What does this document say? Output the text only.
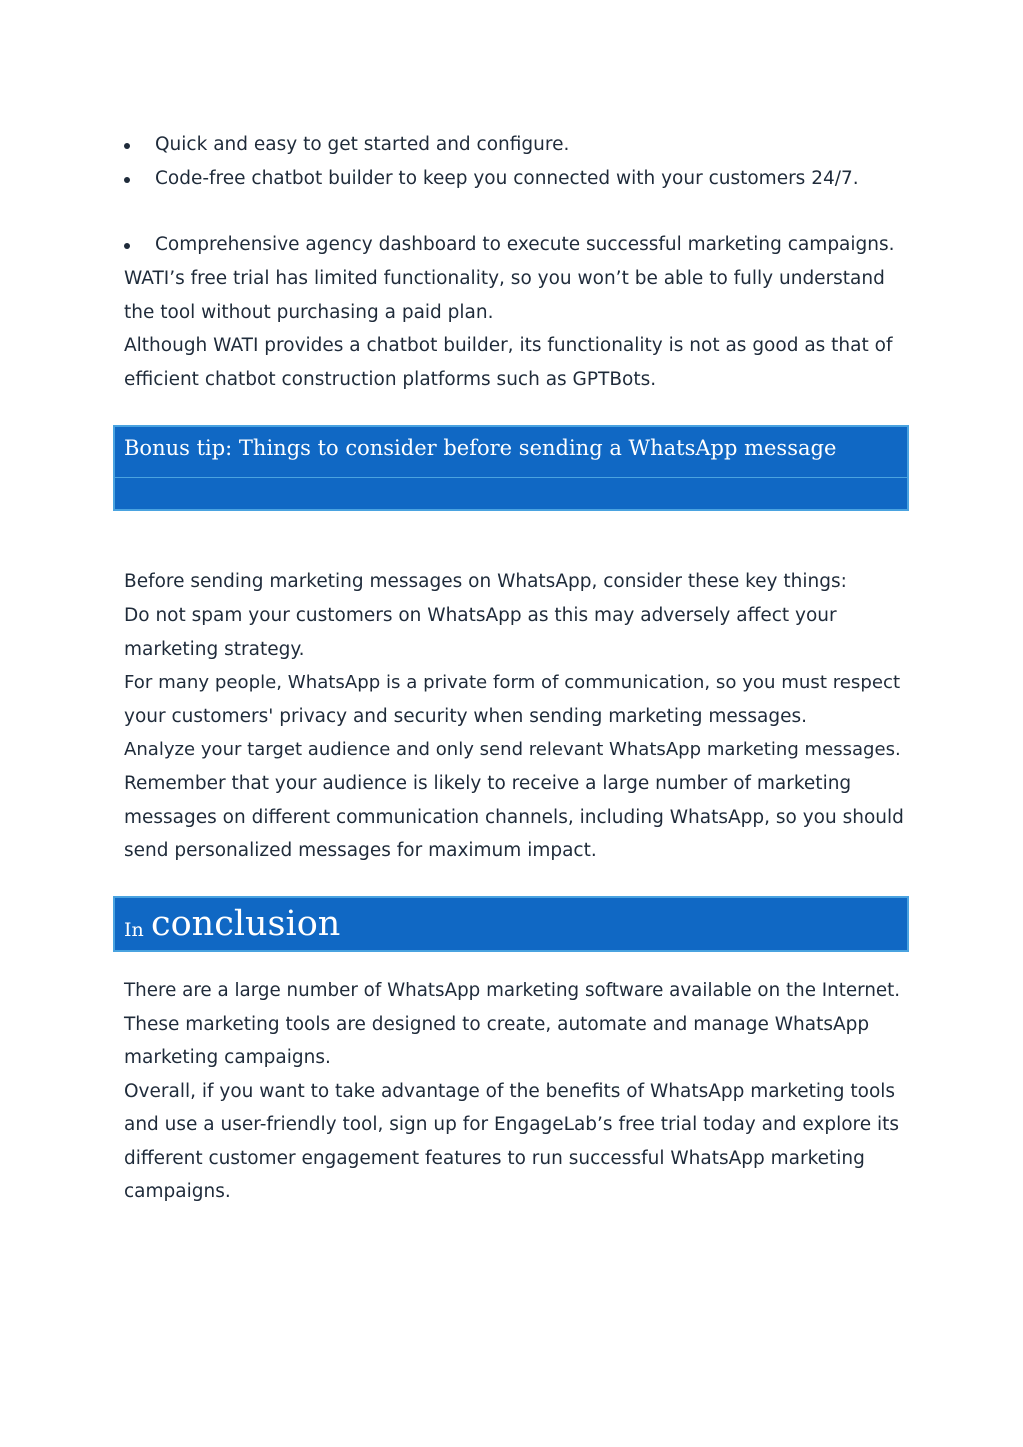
Quick and easy to get started and configure.
Code-free chatbot builder to keep you connected with your customers 24/7.
Comprehensive agency dashboard to execute successful marketing campaigns.
WATI’s free trial has limited functionality, so you won’t be able to fully understand
the tool without purchasing a paid plan.
Although WATI provides a chatbot builder, its functionality is not as good as that of
efficient chatbot construction platforms such as GPTBots.
Bonus tip: Things to consider before sending a WhatsApp message
Before sending marketing messages on WhatsApp, consider these key things:
Do not spam your customers on WhatsApp as this may adversely affect your
marketing strategy.
For many people, WhatsApp is a private form of communication, so you must respect
your customers' privacy and security when sending marketing messages.
Analyze your target audience and only send relevant WhatsApp marketing messages.
Remember that your audience is likely to receive a large number of marketing
messages on different communication channels, including WhatsApp, so you should
send personalized messages for maximum impact.
In conclusion
There are a large number of WhatsApp marketing software available on the Internet.
These marketing tools are designed to create, automate and manage WhatsApp
marketing campaigns.
Overall, if you want to take advantage of the benefits of WhatsApp marketing tools
and use a user-friendly tool, sign up for EngageLab’s free trial today and explore its
different customer engagement features to run successful WhatsApp marketing
campaigns.
